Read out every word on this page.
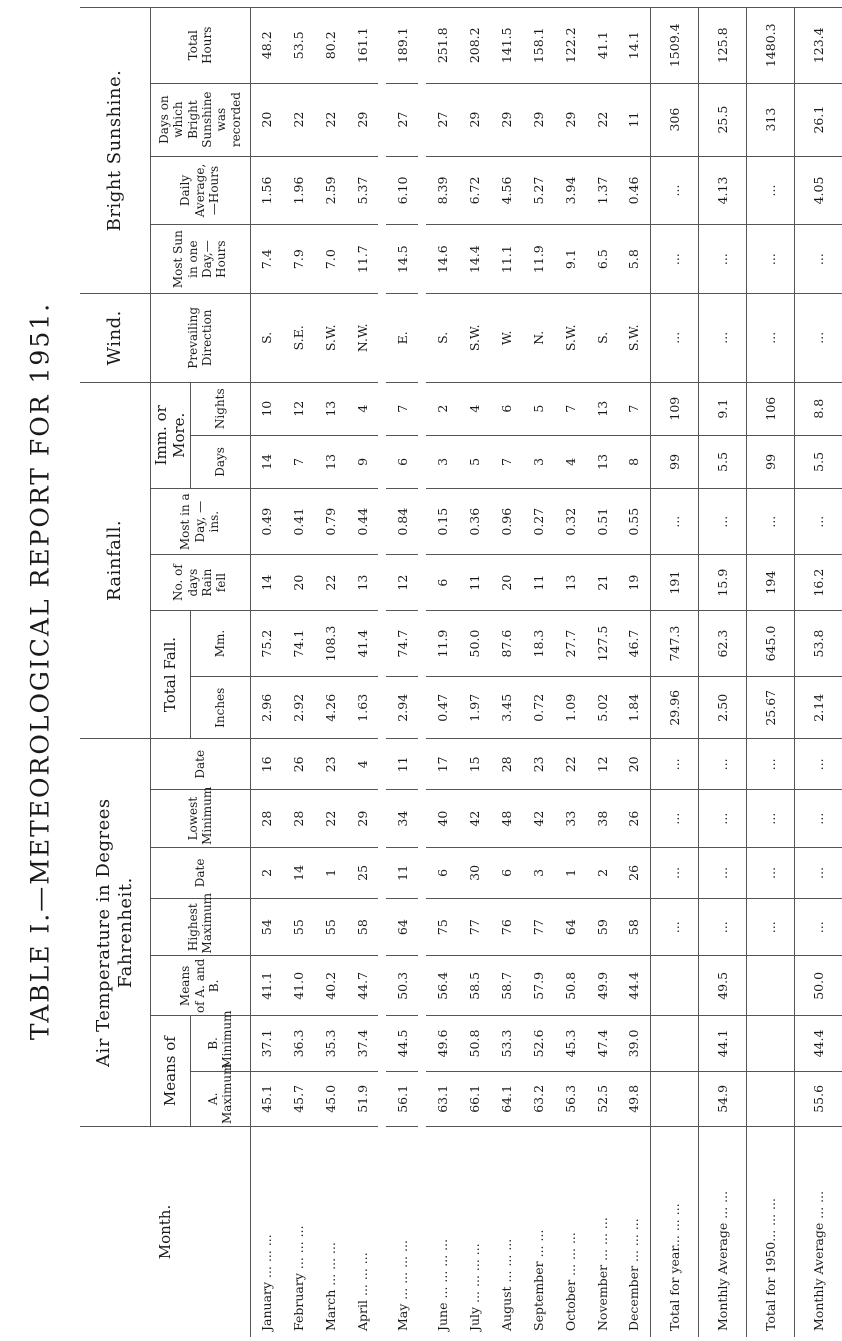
TABLE I.—METEOROLOGICAL REPORT FOR 1951.
Month.	Air Temperature in Degrees Fahrenheit.							Rainfall.						Wind.	Bright Sunshine.			
	Means of		Means of A. and B.	Highest Maximum	Date	Lowest Minimum	Date	Total Fall.		No. of days Rain fell	Most in a Day, —ins.	Imm. or More.		Prevailing Direction	Most Sun in one Day,—Hours	Daily Average,—Hours	Days on which Bright Sunshine was recorded	Total Hours
	A. Maximum	B. Minimum						Inches	Mm.			Days	Nights					

January ... ... ...	45.1	37.1	41.1	54	2	28	16	2.96	75.2	14	0.49	14	10	S.	7.4	1.56	20	48.2
February ... ... ...	45.7	36.3	41.0	55	14	28	26	2.92	74.1	20	0.41	7	12	S.E.	7.9	1.96	22	53.5
March ... ... ...	45.0	35.3	40.2	55	1	22	23	4.26	108.3	22	0.79	13	13	S.W.	7.0	2.59	22	80.2
April ... ... ...	51.9	37.4	44.7	58	25	29	4	1.63	41.4	13	0.44	9	4	N.W.	11.7	5.37	29	161.1

May ... ... ... ...	56.1	44.5	50.3	64	11	34	11	2.94	74.7	12	0.84	6	7	E.	14.5	6.10	27	189.1

June ... ... ... ...	63.1	49.6	56.4	75	6	40	17	0.47	11.9	6	0.15	3	2	S.	14.6	8.39	27	251.8
July ... ... ... ...	66.1	50.8	58.5	77	30	42	15	1.97	50.0	11	0.36	5	4	S.W.	14.4	6.72	29	208.2
August ... ... ...	64.1	53.3	58.7	76	6	48	28	3.45	87.6	20	0.96	7	6	W.	11.1	4.56	29	141.5
September ... ...	63.2	52.6	57.9	77	3	42	23	0.72	18.3	11	0.27	3	5	N.	11.9	5.27	29	158.1
October ... ... ...	56.3	45.3	50.8	64	1	33	22	1.09	27.7	13	0.32	4	7	S.W.	9.1	3.94	29	122.2
November ... ... ...	52.5	47.4	49.9	59	2	38	12	5.02	127.5	21	0.51	13	13	S.	6.5	1.37	22	41.1
December ... ... ...	49.8	39.0	44.4	58	26	26	20	1.84	46.7	19	0.55	8	7	S.W.	5.8	0.46	11	14.1
Total for year... ... ...				...	...	...	...	29.96	747.3	191	...	99	109	...	...	...	306	1509.4
Monthly Average ... ...	54.9	44.1	49.5	...	...	...	...	2.50	62.3	15.9	...	5.5	9.1	...	...	4.13	25.5	125.8
Total for 1950... ... ...				...	...	...	...	25.67	645.0	194	...	99	106	...	...	...	313	1480.3
Monthly Average ... ...	55.6	44.4	50.0	...	...	...	...	2.14	53.8	16.2	...	5.5	8.8	...	...	4.05	26.1	123.4
